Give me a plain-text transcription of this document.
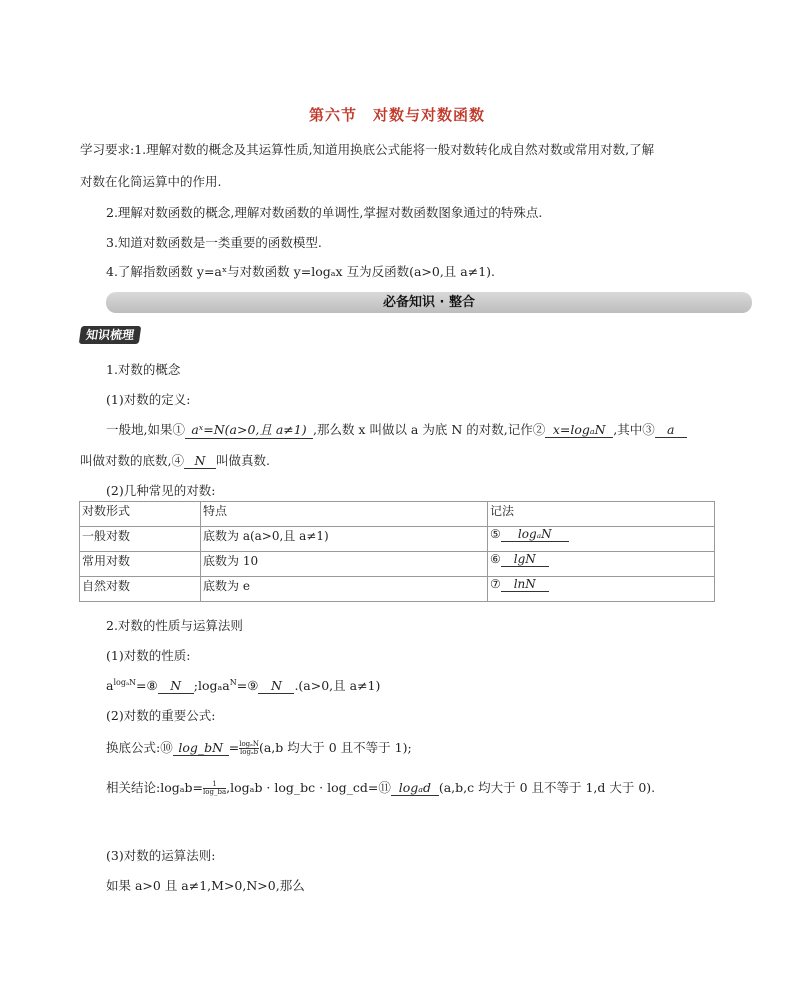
第六节　对数与对数函数
学习要求:1.理解对数的概念及其运算性质,知道用换底公式能将一般对数转化成自然对数或常用对数,了解
对数在化简运算中的作用.
2.理解对数函数的概念,理解对数函数的单调性,掌握对数函数图象通过的特殊点.
3.知道对数函数是一类重要的函数模型.
4.了解指数函数 y=aˣ与对数函数 y=logₐx 互为反函数(a>0,且 a≠1).
必备知识 · 整合
知识梳理
1.对数的概念
(1)对数的定义:
一般地,如果① aˣ=N(a>0,且 a≠1) ,那么数 x 叫做以 a 为底 N 的对数,记作② x=logₐN ,其中③ a
叫做对数的底数,④ N 叫做真数.
(2)几种常见的对数:
对数形式	特点	记法
一般对数	底数为 a(a>0,且 a≠1)	⑤ logₐN
常用对数	底数为 10	⑥ lgN
自然对数	底数为 e	⑦ lnN
2.对数的性质与运算法则
(1)对数的性质:
$a^{log_aN}=⑧$ N ;logₐa$^N$=⑨ N .(a>0,且 a≠1)
(2)对数的重要公式:
换底公式:⑩ log_bN = $\frac{\text{logₐN}}{\text{logₐb}}(a,b$ 均大于 0 且不等于 1);
相关结论:logₐb= $\frac{1}{\log\_ba},\log_ab$ · log_bc · log_cd=⑪ logₐd (a,b,c 均大于 0 且不等于 1,d 大于 0).
(3)对数的运算法则:
如果 a>0 且 a≠1,M>0,N>0,那么
